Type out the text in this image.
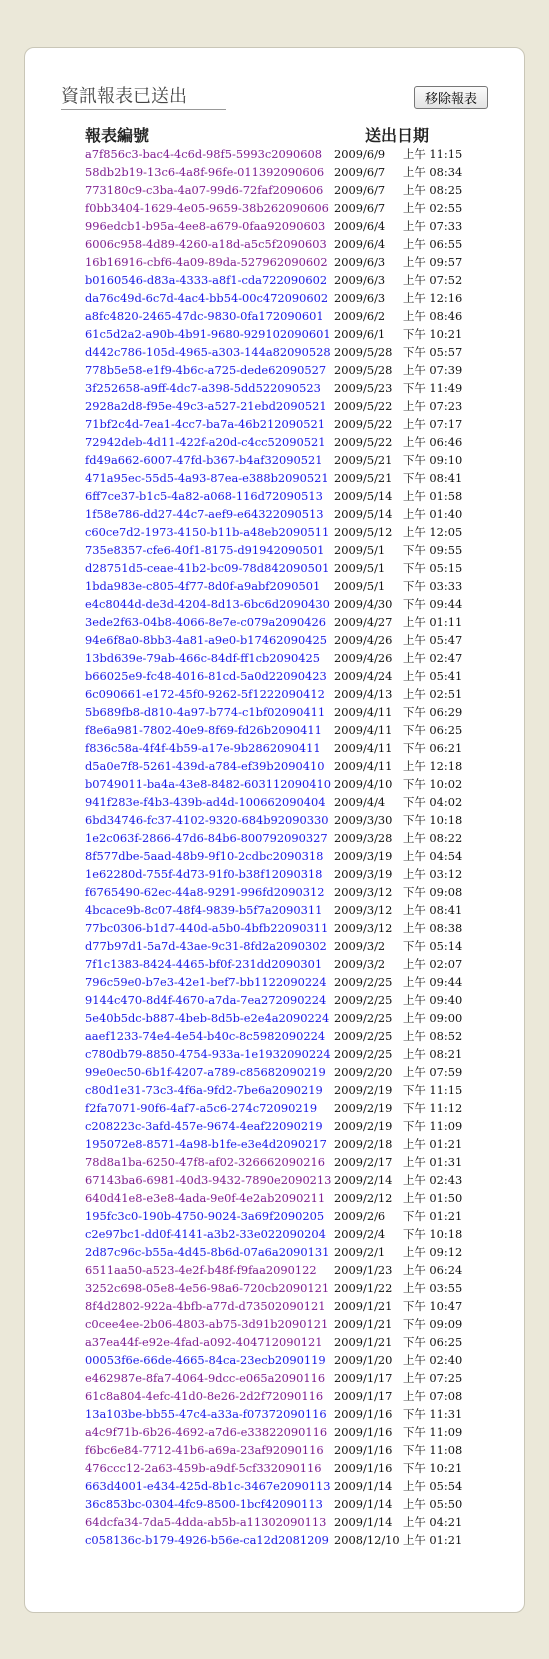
資訊報表已送出	移除報表
報表編號	送出日期
a7f856c3-bac4-4c6d-98f5-5993c2090608	2009/6/9	上午 11:15
58db2b19-13c6-4a8f-96fe-011392090606 2009/6/7	上午 08:34
773180c9-c3ba-4a07-99d6-72faf2090606 2009/6/7	上午 08:25
f0bb3404-1629-4e05-9659-38b262090606 2009/6/7	上午 02:55
996edcb1-b95a-4ee8-a679-0faa92090603 2009/6/4	上午 07:33
6006c958-4d89-4260-a18d-a5c5f2090603 2009/6/4	上午 06:55
16b16916-cbf6-4a09-89da-527962090602 2009/6/3	上午 09:57
b0160546-d83a-4333-a8f1-cda722090602 2009/6/3	上午 07:52
da76c49d-6c7d-4ac4-bb54-00c472090602 2009/6/3	上午 12:16
a8fc4820-2465-47dc-9830-0fa172090601 2009/6/2	上午 08:46
61c5d2a2-a90b-4b91-9680-929102090601 2009/6/1	下午 10:21
d442c786-105d-4965-a303-144a82090528 2009/5/28 下午 05:57
778b5e58-e1f9-4b6c-a725-dede62090527 2009/5/28 上午 07:39
3f252658-a9ff-4dc7-a398-5dd522090523	2009/5/23 下午 11:49
2928a2d8-f95e-49c3-a527-21ebd2090521 2009/5/22 上午 07:23
71bf2c4d-7ea1-4cc7-ba7a-46b212090521 2009/5/22 上午 07:17
72942deb-4d11-422f-a20d-c4cc52090521 2009/5/22 上午 06:46
fd49a662-6007-47fd-b367-b4af32090521	2009/5/21 下午 09:10
471a95ec-55d5-4a93-87ea-e388b2090521 2009/5/21 下午 08:41
6ff7ce37-b1c5-4a82-a068-116d72090513 2009/5/14 上午 01:58
1f58e786-dd27-44c7-aef9-e64322090513 2009/5/14 上午 01:40
c60ce7d2-1973-4150-b11b-a48eb2090511 2009/5/12 上午 12:05
735e8357-cfe6-40f1-8175-d91942090501 2009/5/1	下午 09:55
d28751d5-ceae-41b2-bc09-78d842090501 2009/5/1	下午 05:15
1bda983e-c805-4f77-8d0f-a9abf2090501	2009/5/1	下午 03:33
e4c8044d-de3d-4204-8d13-6bc6d2090430 2009/4/30 下午 09:44
3ede2f63-04b8-4066-8e7e-c079a2090426 2009/4/27 上午 01:11
94e6f8a0-8bb3-4a81-a9e0-b17462090425 2009/4/26 上午 05:47
13bd639e-79ab-466c-84df-ff1cb2090425	2009/4/26 上午 02:47
b66025e9-fc48-4016-81cd-5a0d22090423 2009/4/24 上午 05:41
6c090661-e172-45f0-9262-5f1222090412 2009/4/13 上午 02:51
5b689fb8-d810-4a97-b774-c1bf02090411 2009/4/11 下午 06:29
f8e6a981-7802-40e9-8f69-fd26b2090411	2009/4/11 下午 06:25
f836c58a-4f4f-4b59-a17e-9b2862090411	2009/4/11 下午 06:21
d5a0e7f8-5261-439d-a784-ef39b2090410 2009/4/11 上午 12:18
b0749011-ba4a-43e8-8482-603112090410 2009/4/10 下午 10:02
941f283e-f4b3-439b-ad4d-100662090404 2009/4/4	下午 04:02
6bd34746-fc37-4102-9320-684b92090330 2009/3/30 下午 10:18
1e2c063f-2866-47d6-84b6-800792090327 2009/3/28 上午 08:22
8f577dbe-5aad-48b9-9f10-2cdbc2090318 2009/3/19 上午 04:54
1e62280d-755f-4d73-91f0-b38f12090318	2009/3/19 上午 03:12
f6765490-62ec-44a8-9291-996fd2090312 2009/3/12 下午 09:08
4bcace9b-8c07-48f4-9839-b5f7a2090311	2009/3/12 上午 08:41
77bc0306-b1d7-440d-a5b0-4bfb22090311 2009/3/12 上午 08:38
d77b97d1-5a7d-43ae-9c31-8fd2a2090302 2009/3/2	下午 05:14
7f1c1383-8424-4465-bf0f-231dd2090301	2009/3/2	上午 02:07
796c59e0-b7e3-42e1-bef7-bb1122090224 2009/2/25 上午 09:44
9144c470-8d4f-4670-a7da-7ea272090224 2009/2/25 上午 09:40
5e40b5dc-b887-4beb-8d5b-e2e4a2090224 2009/2/25 上午 09:00
aaef1233-74e4-4e54-b40c-8c5982090224 2009/2/25 上午 08:52
c780db79-8850-4754-933a-1e1932090224 2009/2/25 上午 08:21
99e0ec50-6b1f-4207-a789-c85682090219 2009/2/20 上午 07:59
c80d1e31-73c3-4f6a-9fd2-7be6a2090219 2009/2/19 下午 11:15
f2fa7071-90f6-4af7-a5c6-274c72090219	2009/2/19 下午 11:12
c208223c-3afd-457e-9674-4eaf22090219 2009/2/19 下午 11:09
195072e8-8571-4a98-b1fe-e3e4d2090217 2009/2/18 上午 01:21
78d8a1ba-6250-47f8-af02-326662090216 2009/2/17 上午 01:31
67143ba6-6981-40d3-9432-7890e2090213 2009/2/14 上午 02:43
640d41e8-e3e8-4ada-9e0f-4e2ab2090211 2009/2/12 上午 01:50
195fc3c0-190b-4750-9024-3a69f2090205 2009/2/6	下午 01:21
c2e97bc1-dd0f-4141-a3b2-33e022090204 2009/2/4	下午 10:18
2d87c96c-b55a-4d45-8b6d-07a6a2090131 2009/2/1	上午 09:12
6511aa50-a523-4e2f-b48f-f9faa2090122	2009/1/23 上午 06:24
3252c698-05e8-4e56-98a6-720cb2090121 2009/1/22 上午 03:55
8f4d2802-922a-4bfb-a77d-d73502090121 2009/1/21 下午 10:47
c0cee4ee-2b06-4803-ab75-3d91b2090121 2009/1/21 下午 09:09
a37ea44f-e92e-4fad-a092-404712090121	2009/1/21 下午 06:25
00053f6e-66de-4665-84ca-23ecb2090119 2009/1/20 上午 02:40
e462987e-8fa7-4064-9dcc-e065a2090116 2009/1/17 上午 07:25
61c8a804-4efc-41d0-8e26-2d2f72090116 2009/1/17 上午 07:08
13a103be-bb55-47c4-a33a-f07372090116 2009/1/16 下午 11:31
a4c9f71b-6b26-4692-a7d6-e33822090116 2009/1/16 下午 11:09
f6bc6e84-7712-41b6-a69a-23af92090116 2009/1/16 下午 11:08
476ccc12-2a63-459b-a9df-5cf332090116	2009/1/16 下午 10:21
663d4001-e434-425d-8b1c-3467e2090113 2009/1/14 上午 05:54
36c853bc-0304-4fc9-8500-1bcf42090113 2009/1/14 上午 05:50
64dcfa34-7da5-4dda-ab5b-a11302090113 2009/1/14 上午 04:21
c058136c-b179-4926-b56e-ca12d2081209 2008/12/10 上午 01:21
